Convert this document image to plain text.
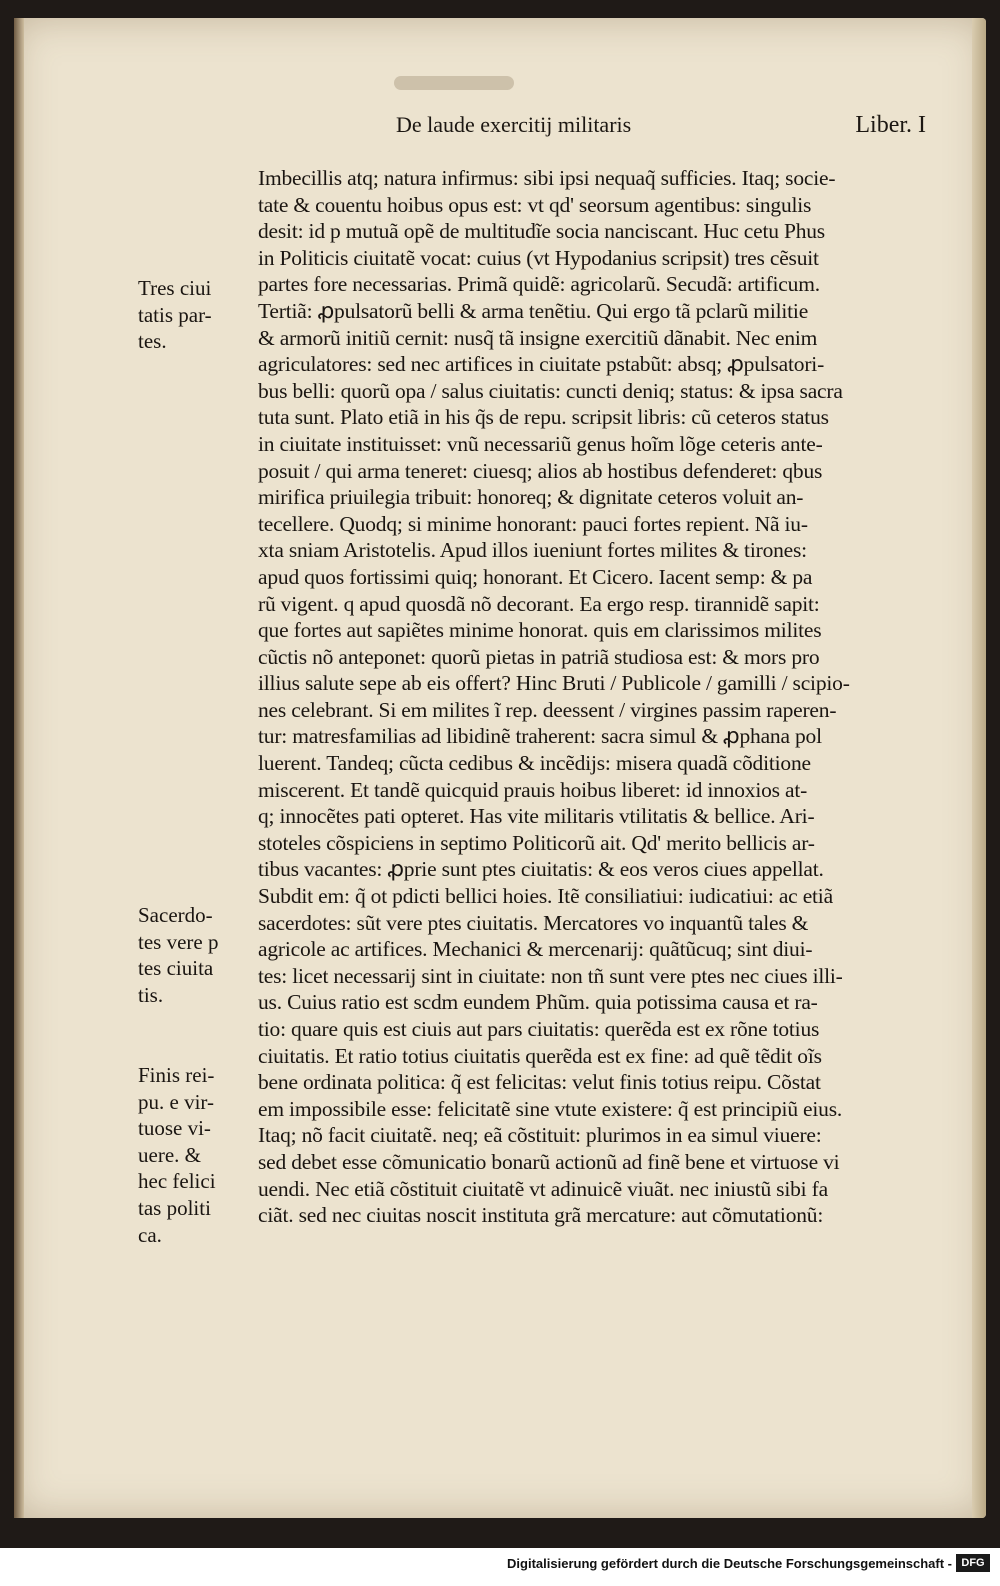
De laude exercitij militaris	Liber. I
Imbecillis atq; natura infirmus: sibi ipsi nequaq̃ sufficies. Itaq; socie-
tate & couentu hoibus opus est: vt qd' seorsum agentibus: singulis
desit: id p mutuã opẽ de multitudĩe socia nanciscant. Huc cetu Phus
in Politicis ciuitatẽ vocat: cuius (vt Hypodanius scripsit) tres cẽsuit
partes fore necessarias. Primã quidẽ: agricolarũ. Secudã: artificum.
Tertiã: ꝓpulsatorũ belli & arma tenẽtiu. Qui ergo tã pclarũ militie
& armorũ initiũ cernit: nusq̃ tã insigne exercitiũ dãnabit. Nec enim
agriculatores: sed nec artifices in ciuitate pstabũt: absq; ꝓpulsatori-
bus belli: quorũ opa / salus ciuitatis: cuncti deniq; status: & ipsa sacra
tuta sunt. Plato etiã in his q̃s de repu. scripsit libris: cũ ceteros status
in ciuitate instituisset: vnũ necessariũ genus hoĩm lõge ceteris ante-
posuit / qui arma teneret: ciuesq; alios ab hostibus defenderet: qbus
mirifica priuilegia tribuit: honoreq; & dignitate ceteros voluit an-
tecellere. Quodq; si minime honorant: pauci fortes repient. Nã iu-
xta sniam Aristotelis. Apud illos iueniunt fortes milites & tirones:
apud quos fortissimi quiq; honorant. Et Cicero. Iacent semp: & pa
rũ vigent. q apud quosdã nõ decorant. Ea ergo resp. tirannidẽ sapit:
que fortes aut sapiẽtes minime honorat. quis em clarissimos milites
cũctis nõ anteponet: quorũ pietas in patriã studiosa est: & mors pro
illius salute sepe ab eis offert? Hinc Bruti / Publicole / gamilli / scipio-
nes celebrant. Si em milites ĩ rep. deessent / virgines passim raperen-
tur: matresfamilias ad libidinẽ traherent: sacra simul & ꝓphana pol
luerent. Tandeq; cũcta cedibus & incẽdijs: misera quadã cõditione
miscerent. Et tandẽ quicquid prauis hoibus liberet: id innoxios at-
q; innocẽtes pati opteret. Has vite militaris vtilitatis & bellice. Ari-
stoteles cõspiciens in septimo Politicorũ ait. Qd' merito bellicis ar-
tibus vacantes: ꝓprie sunt ptes ciuitatis: & eos veros ciues appellat.
Subdit em: q̃ ot pdicti bellici hoies. Itẽ consiliatiui: iudicatiui: ac etiã
sacerdotes: sũt vere ptes ciuitatis. Mercatores vo inquantũ tales &
agricole ac artifices. Mechanici & mercenarij: quãtũcuq; sint diui-
tes: licet necessarij sint in ciuitate: non tñ sunt vere ptes nec ciues illi-
us. Cuius ratio est scdm eundem Phũm. quia potissima causa et ra-
tio: quare quis est ciuis aut pars ciuitatis: querẽda est ex rõne totius
ciuitatis. Et ratio totius ciuitatis querẽda est ex fine: ad quẽ tẽdit oĩs
bene ordinata politica: q̃ est felicitas: velut finis totius reipu. Cõstat
em impossibile esse: felicitatẽ sine vtute existere: q̃ est principiũ eius.
Itaq; nõ facit ciuitatẽ. neq; eã cõstituit: plurimos in ea simul viuere:
sed debet esse cõmunicatio bonarũ actionũ ad finẽ bene et virtuose vi
uendi. Nec etiã cõstituit ciuitatẽ vt adinuicẽ viuãt. nec iniustũ sibi fa
ciãt. sed nec ciuitas noscit instituta grã mercature: aut cõmutationũ:
Tres ciui
tatis par-
tes.
Sacerdo-
tes vere p
tes ciuita
tis.
Finis rei-
pu. e vir-
tuose vi-
uere. &
hec felici
tas politi
ca.
Digitalisierung gefördert durch die Deutsche Forschungsgemeinschaft - DFG
